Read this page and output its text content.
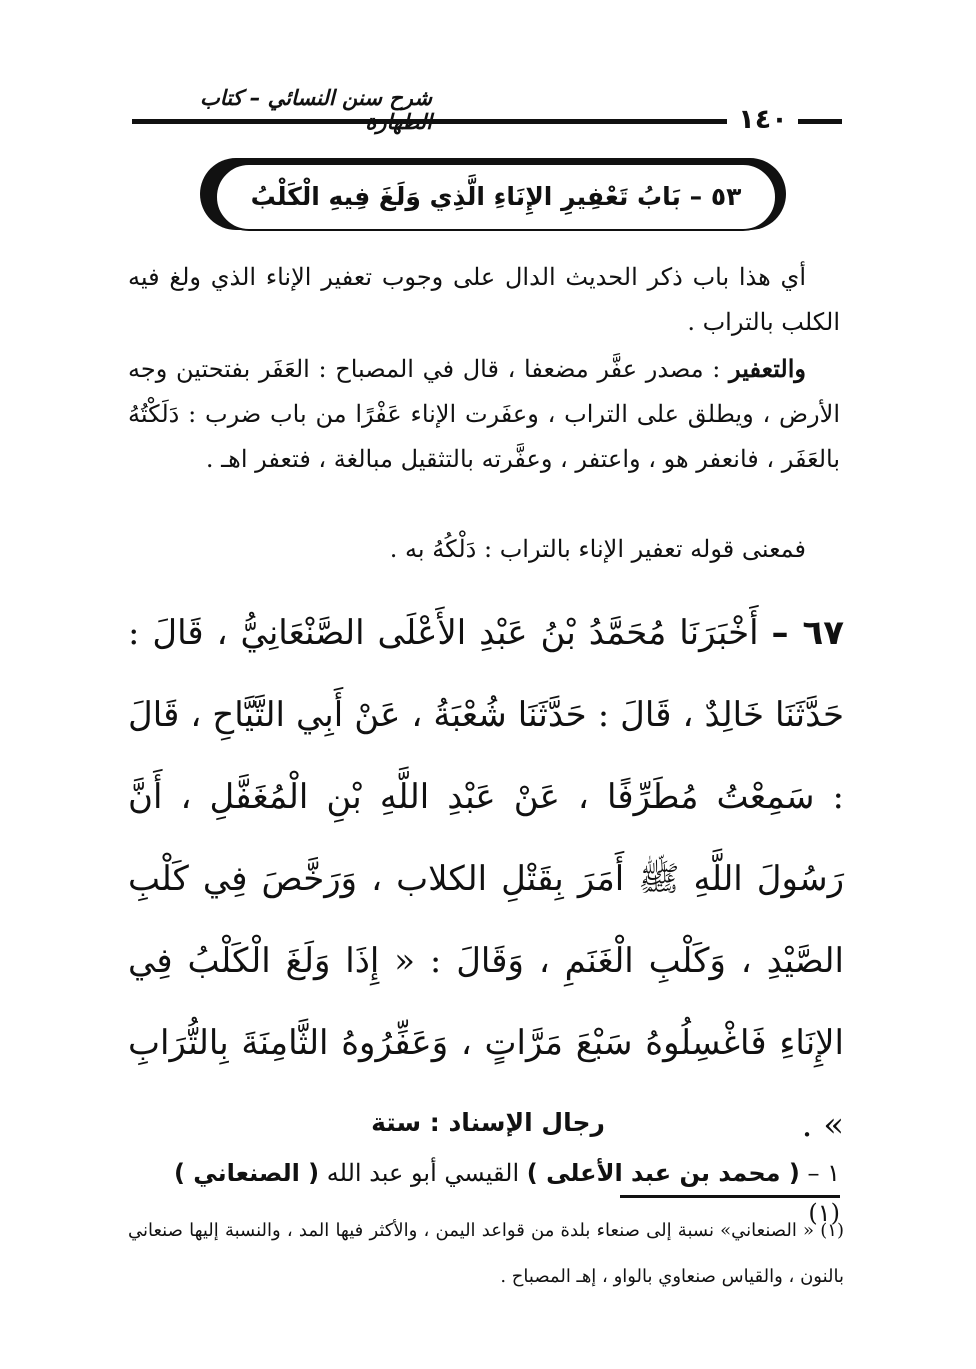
شرح سنن النسائي – كتاب
١٤٠
٥٣ – بَابُ تَعْفِيرِ الإِنَاءِ الَّذِي وَلَغَ فِيهِ الْكَلْبُ
أي هذا باب ذكر الحديث الدال على وجوب تعفير الإناء الذي ولغ فيه الكلب بالتراب .
والتعفير : مصدر عفَّر مضعفا ، قال في المصباح : العَفَر بفتحتين وجه الأرض ، ويطلق على التراب ، وعفَرت الإناء عَفْرًا من باب ضرب : دَلَكْتُهُ بالعَفَر ، فانعفر هو ، واعتفر ، وعفَّرته بالتثقيل مبالغة ، فتعفر اهـ .
فمعنى قوله تعفير الإناء بالتراب : دَلْكُهُ به .
٦٧ – أَخْبَرَنَا مُحَمَّدُ بْنُ عَبْدِ الأَعْلَى الصَّنْعَانِيُّ ، قَالَ : حَدَّثَنَا خَالِدٌ ، قَالَ : حَدَّثَنَا شُعْبَةُ ، عَنْ أَبِي التَّيَّاحِ ، قَالَ : سَمِعْتُ مُطَرِّفًا ، عَنْ عَبْدِ اللَّهِ بْنِ الْمُغَفَّلِ ، أَنَّ رَسُولَ اللَّهِ ﷺ أَمَرَ بِقَتْلِ الكلاب ، وَرَخَّصَ فِي كَلْبِ الصَّيْدِ ، وَكَلْبِ الْغَنَمِ ، وَقَالَ : « إِذَا وَلَغَ الْكَلْبُ فِي الإِنَاءِ فَاغْسِلُوهُ سَبْعَ مَرَّاتٍ ، وَعَفِّرُوهُ الثَّامِنَةَ بِالتُّرَابِ » .
رجال الإسناد : ستة
١ – ( محمد بن عبد الأعلى ) القيسي أبو عبد الله ( الصنعاني ) (١)
(١) « الصنعاني» نسبة إلى صنعاء بلدة من قواعد اليمن ، والأكثر فيها المد ، والنسبة إليها صنعاني بالنون ، والقياس صنعاوي بالواو ، إهـ المصباح .
